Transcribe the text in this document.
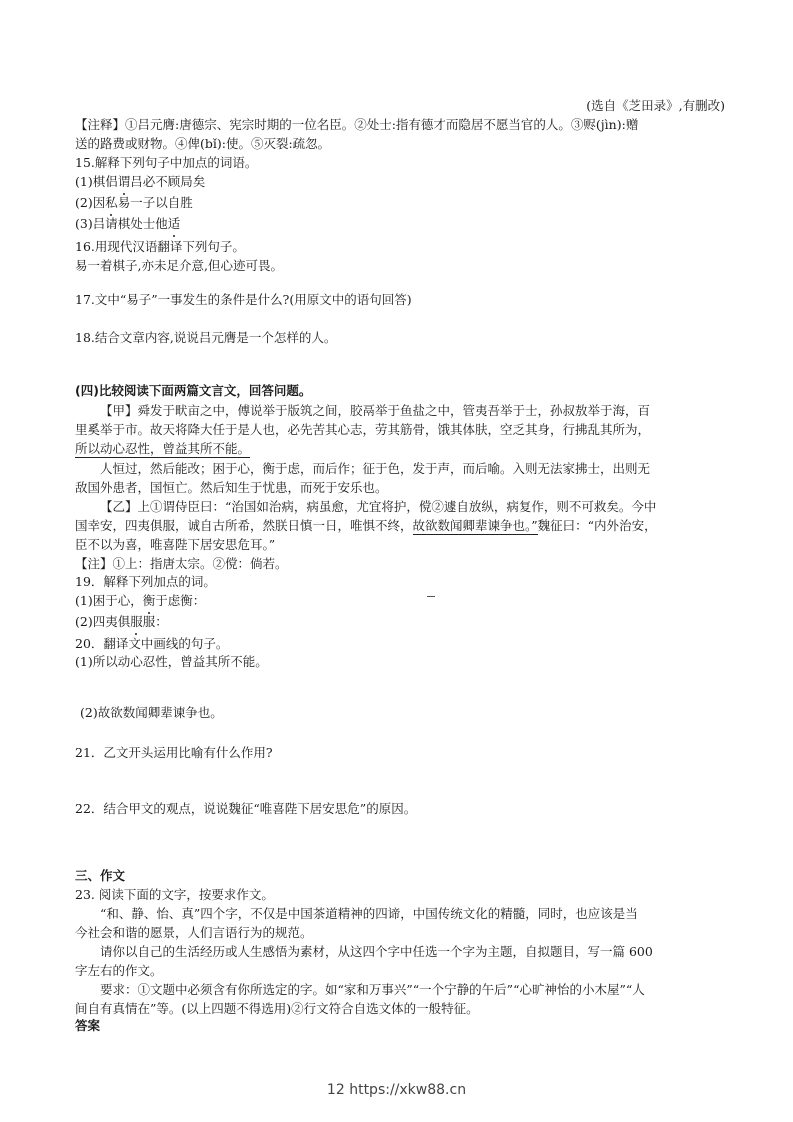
(选自《芝田录》,有删改)
【注释】①吕元膺:唐德宗、宪宗时期的一位名臣。②处士:指有德才而隐居不愿当官的人。③赆(jìn):赠
送的路费或财物。④俾(bǐ):使。⑤灭裂:疏忽。
15.解释下列句子中加点的词语。
(1)棋侣谓吕必不顾局矣
(2)因私易一子以自胜
(3)吕请棋处士他适
16.用现代汉语翻译下列句子。
易一着棋子,亦未足介意,但心迹可畏。
17.文中“易子”一事发生的条件是什么?(用原文中的语句回答)
18.结合文章内容,说说吕元膺是一个怎样的人。
(四)比较阅读下面两篇文言文，回答问题。
【甲】舜发于畎亩之中，傅说举于版筑之间，胶鬲举于鱼盐之中，管夷吾举于士，孙叔敖举于海，百
里奚举于市。故天将降大任于是人也，必先苦其心志，劳其筋骨，饿其体肤，空乏其身，行拂乱其所为，
所以动心忍性，曾益其所不能。
人恒过，然后能改；困于心，衡于虑，而后作；征于色，发于声，而后喻。入则无法家拂士，出则无
敌国外患者，国恒亡。然后知生于忧患，而死于安乐也。
【乙】上①谓侍臣曰：“治国如治病，病虽愈，尤宜将护，傥②遽自放纵，病复作，则不可救矣。今中
国幸安，四夷俱服，诚自古所希，然朕日慎一日，唯惧不终，故欲数闻卿辈谏争也。”魏征曰：“内外治安，
臣不以为喜，唯喜陛下居安思危耳。”
【注】①上：指唐太宗。②傥：倘若。
19．解释下列加点的词。
(1)困于心，衡于虑衡：
(2)四夷俱服服：
20．翻译文中画线的句子。
(1)所以动心忍性，曾益其所不能。
(2)故欲数闻卿辈谏争也。
21．乙文开头运用比喻有什么作用?
22．结合甲文的观点，说说魏征“唯喜陛下居安思危”的原因。
三、作文
23. 阅读下面的文字，按要求作文。
“和、静、怡、真”四个字，不仅是中国茶道精神的四谛，中国传统文化的精髓，同时，也应该是当
今社会和谐的愿景，人们言语行为的规范。
请你以自己的生活经历或人生感悟为素材，从这四个字中任选一个字为主题，自拟题目，写一篇 600
字左右的作文。
要求：①文题中必须含有你所选定的字。如“家和万事兴”“一个宁静的午后”“心旷神怡的小木屋”“人
间自有真情在”等。(以上四题不得选用)②行文符合自选文体的一般特征。
答案
12 https://xkw88.cn
